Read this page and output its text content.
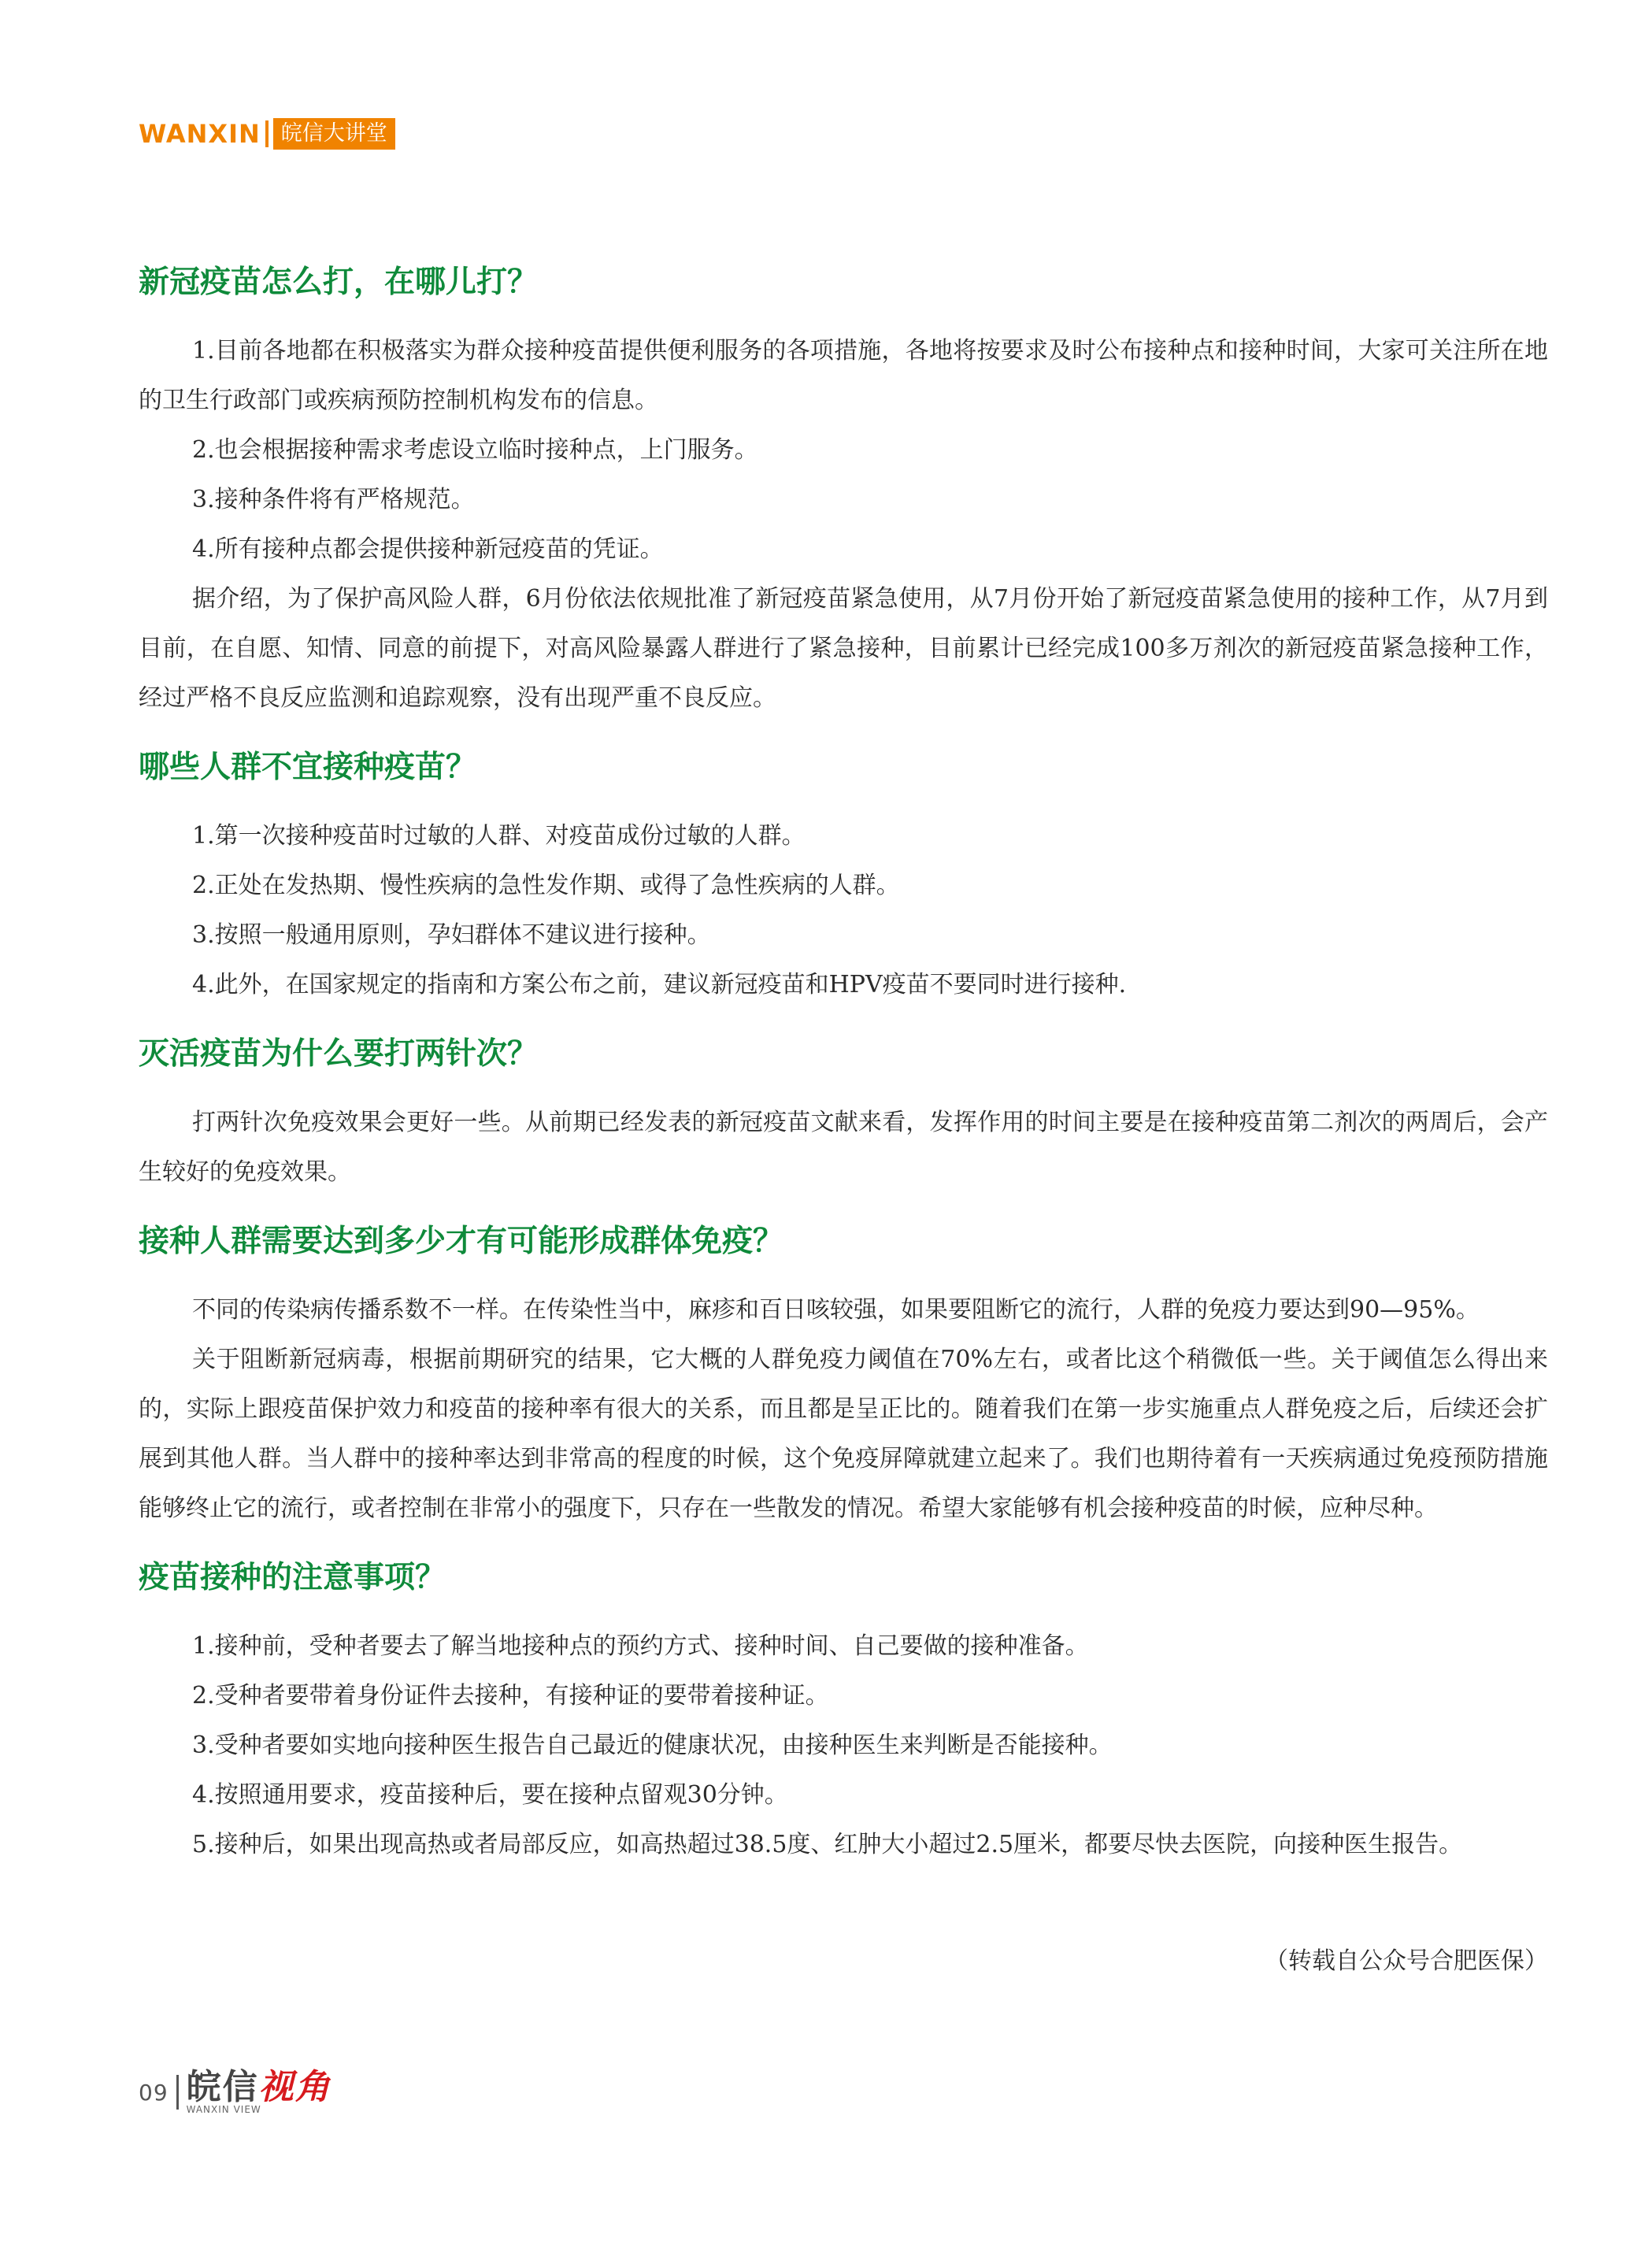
WANXIN 皖信大讲堂
新冠疫苗怎么打，在哪儿打？

1.目前各地都在积极落实为群众接种疫苗提供便利服务的各项措施，各地将按要求及时公布接种点和接种时间，大家可关注所在地的卫生行政部门或疾病预防控制机构发布的信息。

2.也会根据接种需求考虑设立临时接种点，上门服务。

3.接种条件将有严格规范。

4.所有接种点都会提供接种新冠疫苗的凭证。

据介绍，为了保护高风险人群，6月份依法依规批准了新冠疫苗紧急使用，从7月份开始了新冠疫苗紧急使用的接种工作，从7月到目前，在自愿、知情、同意的前提下，对高风险暴露人群进行了紧急接种，目前累计已经完成100多万剂次的新冠疫苗紧急接种工作，经过严格不良反应监测和追踪观察，没有出现严重不良反应。

哪些人群不宜接种疫苗？

1.第一次接种疫苗时过敏的人群、对疫苗成份过敏的人群。

2.正处在发热期、慢性疾病的急性发作期、或得了急性疾病的人群。

3.按照一般通用原则，孕妇群体不建议进行接种。

4.此外，在国家规定的指南和方案公布之前，建议新冠疫苗和HPV疫苗不要同时进行接种.

灭活疫苗为什么要打两针次？

打两针次免疫效果会更好一些。从前期已经发表的新冠疫苗文献来看，发挥作用的时间主要是在接种疫苗第二剂次的两周后，会产生较好的免疫效果。

接种人群需要达到多少才有可能形成群体免疫？

不同的传染病传播系数不一样。在传染性当中，麻疹和百日咳较强，如果要阻断它的流行，人群的免疫力要达到90—95%。

关于阻断新冠病毒，根据前期研究的结果，它大概的人群免疫力阈值在70%左右，或者比这个稍微低一些。关于阈值怎么得出来的，实际上跟疫苗保护效力和疫苗的接种率有很大的关系，而且都是呈正比的。随着我们在第一步实施重点人群免疫之后，后续还会扩展到其他人群。当人群中的接种率达到非常高的程度的时候，这个免疫屏障就建立起来了。我们也期待着有一天疾病通过免疫预防措施能够终止它的流行，或者控制在非常小的强度下，只存在一些散发的情况。希望大家能够有机会接种疫苗的时候，应种尽种。

疫苗接种的注意事项？

1.接种前，受种者要去了解当地接种点的预约方式、接种时间、自己要做的接种准备。

2.受种者要带着身份证件去接种，有接种证的要带着接种证。

3.受种者要如实地向接种医生报告自己最近的健康状况，由接种医生来判断是否能接种。

4.按照通用要求，疫苗接种后，要在接种点留观30分钟。

5.接种后，如果出现高热或者局部反应，如高热超过38.5度、红肿大小超过2.5厘米，都要尽快去医院，向接种医生报告。

（转载自公众号合肥医保）
09 皖信视角
WANXIN VIEW
